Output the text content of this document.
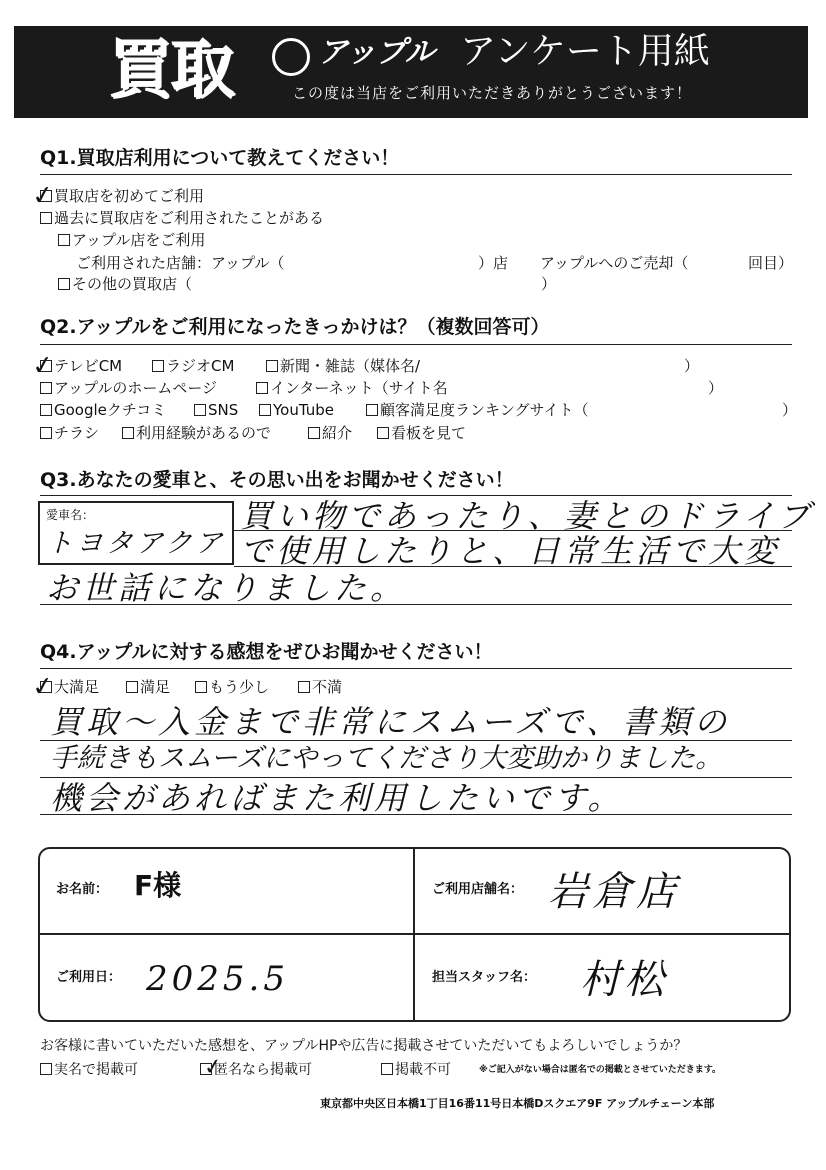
買取	アップル アンケート用紙
この度は当店をご利用いただきありがとうございます！
Q1.買取店利用について教えてください！
✓
買取店を初めてご利用
過去に買取店をご利用されたことがある
アップル店をご利用
ご利用された店舗：アップル（	）店 アップルへのご売却（	回目）
その他の買取店（	）
Q2.アップルをご利用になったきっかけは？（複数回答可）
✓
テレビCM	ラジオCM	新聞・雑誌（媒体名/	）
アップルのホームページ	インターネット（サイト名	）
Googleクチコミ	SNS	YouTube	顧客満足度ランキングサイト（	）
チラシ	利用経験があるので	紹介	看板を見て
Q3.あなたの愛車と、その思い出をお聞かせください！
愛車名：
トヨタアクア
買い物であったり、妻とのドライブ
で使用したりと、日常生活で大変
お世話になりました。
Q4.アップルに対する感想をぜひお聞かせください！
✓
大満足	満足	もう少し	不満
買取〜入金まで非常にスムーズで、書類の
手続きもスムーズにやってくださり大変助かりました。
機会があればまた利用したいです。
お名前： F様	ご利用店舗名： 岩倉店
ご利用日： 2025.5	担当スタッフ名： 村松
お客様に書いていただいた感想を、アップルHPや広告に掲載させていただいてもよろしいでしょうか？
実名で掲載可	✓
匿名なら掲載可	掲載不可	※ご記入がない場合は匿名での掲載とさせていただきます。
東京都中央区日本橋1丁目16番11号日本橋Dスクエア9F アップルチェーン本部
